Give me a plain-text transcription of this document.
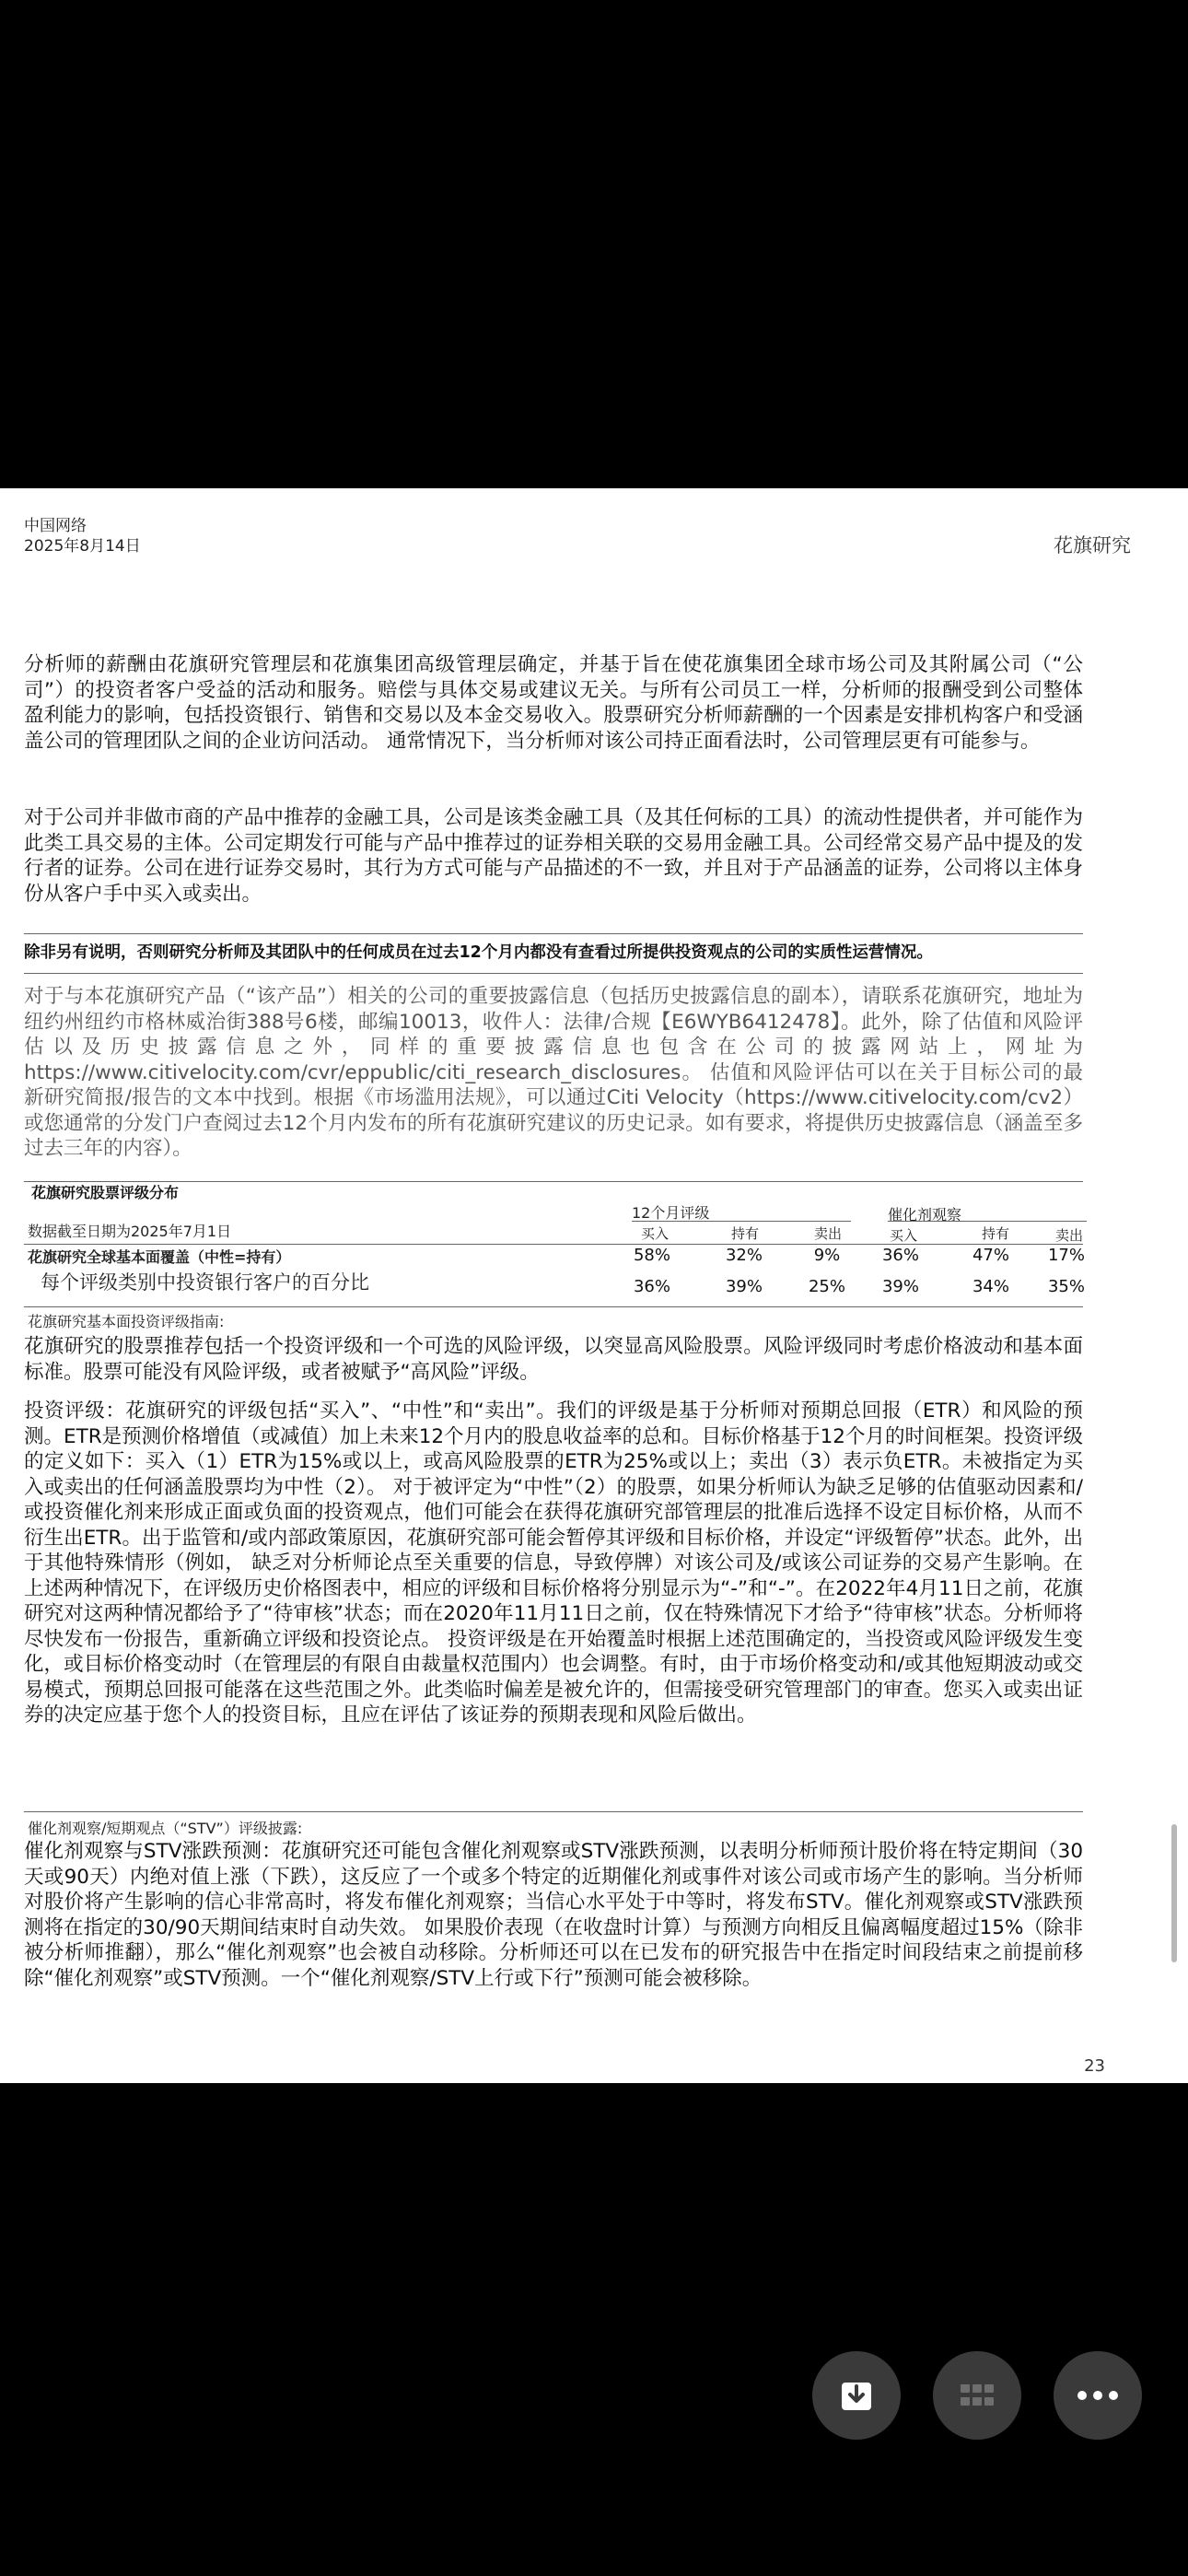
中国网络
2025年8月14日	花旗研究
分析师的薪酬由花旗研究管理层和花旗集团高级管理层确定，并基于旨在使花旗集团全球市场公司及其附属公司（“公司”）的投资者客户受益的活动和服务。赔偿与具体交易或建议无关。与所有公司员工一样，分析师的报酬受到公司整体盈利能力的影响，包括投资银行、销售和交易以及本金交易收入。股票研究分析师薪酬的一个因素是安排机构客户和受涵盖公司的管理团队之间的企业访问活动。 通常情况下，当分析师对该公司持正面看法时，公司管理层更有可能参与。
对于公司并非做市商的产品中推荐的金融工具，公司是该类金融工具（及其任何标的工具）的流动性提供者，并可能作为此类工具交易的主体。公司定期发行可能与产品中推荐过的证券相关联的交易用金融工具。公司经常交易产品中提及的发行者的证券。公司在进行证券交易时，其行为方式可能与产品描述的不一致，并且对于产品涵盖的证券，公司将以主体身份从客户手中买入或卖出。
除非另有说明，否则研究分析师及其团队中的任何成员在过去12个月内都没有查看过所提供投资观点的公司的实质性运营情况。
对于与本花旗研究产品（“该产品”）相关的公司的重要披露信息（包括历史披露信息的副本），请联系花旗研究，地址为纽约州纽约市格林威治街388号6楼，邮编10013，收件人：法律/合规【E6WYB6412478】。此外，除了估值和风险评估以及历史披露信息之外，同样的重要披露信息也包含在公司的披露网站上，网址为https://www.citivelocity.com/cvr/eppublic/citi_research_disclosures。 估值和风险评估可以在关于目标公司的最新研究简报/报告的文本中找到。根据《市场滥用法规》，可以通过Citi Velocity（https://www.citivelocity.com/cv2）或您通常的分发门户查阅过去12个月内发布的所有花旗研究建议的历史记录。如有要求，将提供历史披露信息（涵盖至多过去三年的内容）。
花旗研究股票评级分布
12个月评级	催化剂观察
数据截至日期为2025年7月1日	买入	持有	卖出	买入	持有	卖出
花旗研究全球基本面覆盖（中性=持有）	58%	32%	9%	36%	47%	17%
每个评级类别中投资银行客户的百分比	36%	39%	25%	39%	34%	35%
花旗研究基本面投资评级指南:
花旗研究的股票推荐包括一个投资评级和一个可选的风险评级，以突显高风险股票。风险评级同时考虑价格波动和基本面标准。股票可能没有风险评级，或者被赋予“高风险”评级。
投资评级：花旗研究的评级包括“买入”、“中性”和“卖出”。我们的评级是基于分析师对预期总回报（ETR）和风险的预测。ETR是预测价格增值（或减值）加上未来12个月内的股息收益率的总和。目标价格基于12个月的时间框架。投资评级的定义如下：买入（1）ETR为15%或以上，或高风险股票的ETR为25%或以上；卖出（3）表示负ETR。未被指定为买入或卖出的任何涵盖股票均为中性（2）。 对于被评定为“中性”（2）的股票，如果分析师认为缺乏足够的估值驱动因素和/或投资催化剂来形成正面或负面的投资观点，他们可能会在获得花旗研究部管理层的批准后选择不设定目标价格，从而不衍生出ETR。出于监管和/或内部政策原因，花旗研究部可能会暂停其评级和目标价格，并设定“评级暂停”状态。此外，出于其他特殊情形（例如， 缺乏对分析师论点至关重要的信息，导致停牌）对该公司及/或该公司证券的交易产生影响。在上述两种情况下，在评级历史价格图表中，相应的评级和目标价格将分别显示为“-”和“-”。在2022年4月11日之前，花旗研究对这两种情况都给予了“待审核”状态；而在2020年11月11日之前，仅在特殊情况下才给予“待审核”状态。分析师将尽快发布一份报告，重新确立评级和投资论点。 投资评级是在开始覆盖时根据上述范围确定的，当投资或风险评级发生变化，或目标价格变动时（在管理层的有限自由裁量权范围内）也会调整。有时，由于市场价格变动和/或其他短期波动或交易模式，预期总回报可能落在这些范围之外。此类临时偏差是被允许的，但需接受研究管理部门的审查。您买入或卖出证券的决定应基于您个人的投资目标，且应在评估了该证券的预期表现和风险后做出。
催化剂观察/短期观点（“STV”）评级披露:
催化剂观察与STV涨跌预测：花旗研究还可能包含催化剂观察或STV涨跌预测，以表明分析师预计股价将在特定期间（30天或90天）内绝对值上涨（下跌），这反应了一个或多个特定的近期催化剂或事件对该公司或市场产生的影响。当分析师对股价将产生影响的信心非常高时，将发布催化剂观察；当信心水平处于中等时，将发布STV。催化剂观察或STV涨跌预测将在指定的30/90天期间结束时自动失效。 如果股价表现（在收盘时计算）与预测方向相反且偏离幅度超过15%（除非被分析师推翻），那么“催化剂观察”也会被自动移除。分析师还可以在已发布的研究报告中在指定时间段结束之前提前移除“催化剂观察”或STV预测。一个“催化剂观察/STV上行或下行”预测可能会被移除。
23
